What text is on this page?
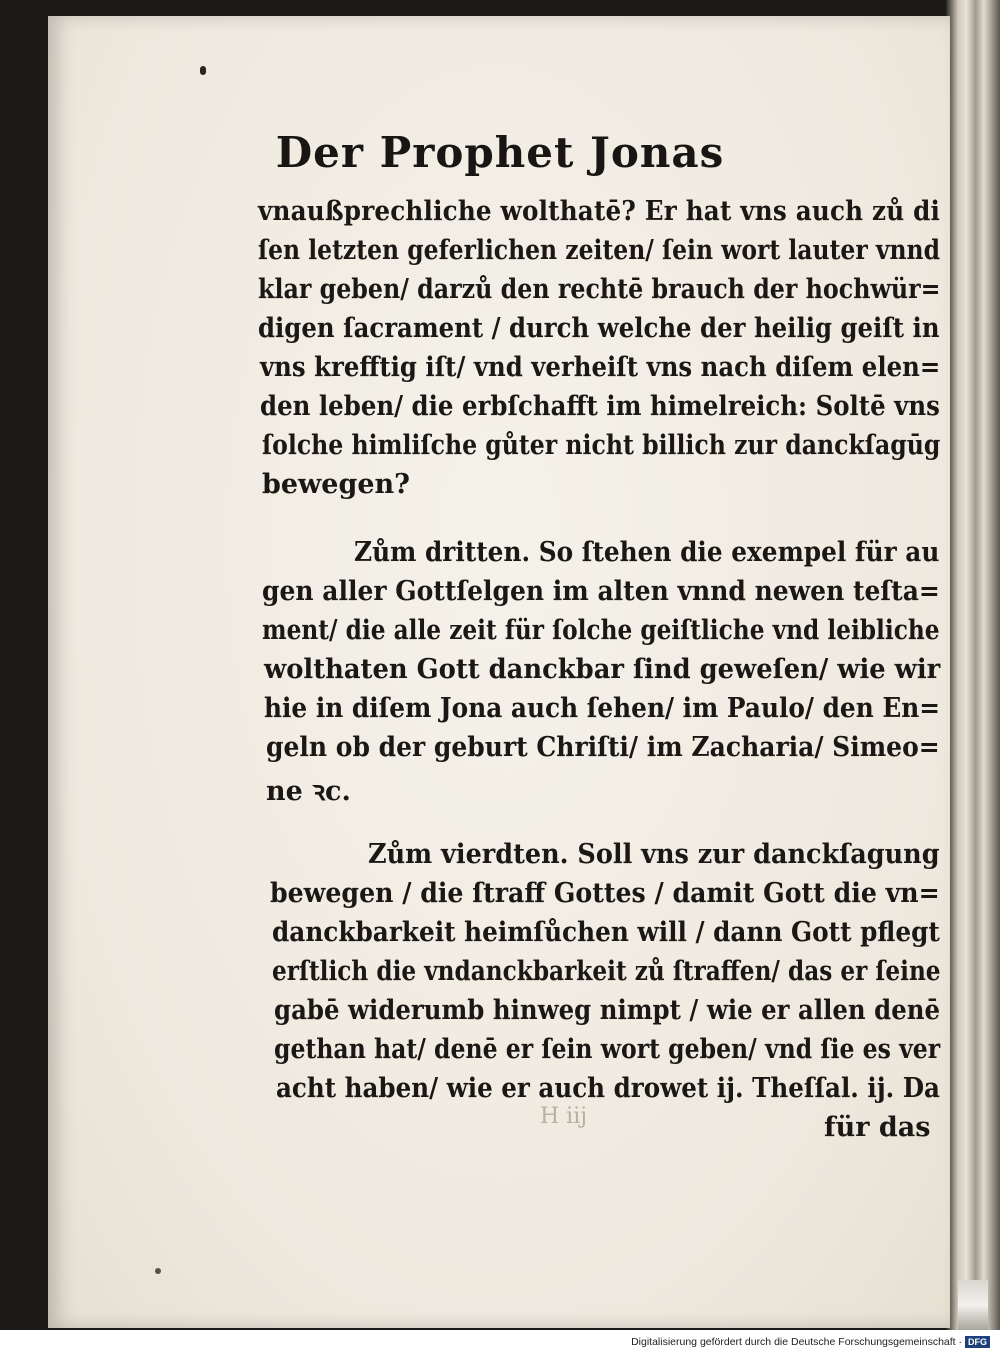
Der Prophet Jonas
vnaußprechliche wolthatē? Er hat vns auch zů di
ſen letzten geferlichen zeiten/ ſein wort lauter vnnd
klar geben/ darzů den rechtē brauch der hochwür=
digen ſacrament / durch welche der heilig geiſt in
vns krefftig iſt/ vnd verheiſt vns nach diſem elen=
den leben/ die erbſchafft im himelreich: Soltē vns
ſolche himliſche gůter nicht billich zur danckſagūg
bewegen?
Zům dritten. So ſtehen die exempel für au
gen aller Gottſelgen im alten vnnd newen teſta=
ment/ die alle zeit für ſolche geiſtliche vnd leibliche
wolthaten Gott danckbar ſind geweſen/ wie wir
hie in diſem Jona auch ſehen/ im Paulo/ den En=
geln ob der geburt Chriſti/ im Zacharia/ Simeo=
ne ꝛc.
Zům vierdten. Soll vns zur danckſagung
bewegen / die ſtraff Gottes / damit Gott die vn=
danckbarkeit heimſůchen will / dann Gott pflegt
erſtlich die vndanckbarkeit zů ſtraffen/ das er ſeine
gabē widerumb hinweg nimpt / wie er allen denē
gethan hat/ denē er ſein wort geben/ vnd ſie es ver
acht haben/ wie er auch drowet ij. Theſſal. ij. Da
für das
H iij
Digitalisierung gefördert durch die Deutsche Forschungsgemeinschaft · DFG
